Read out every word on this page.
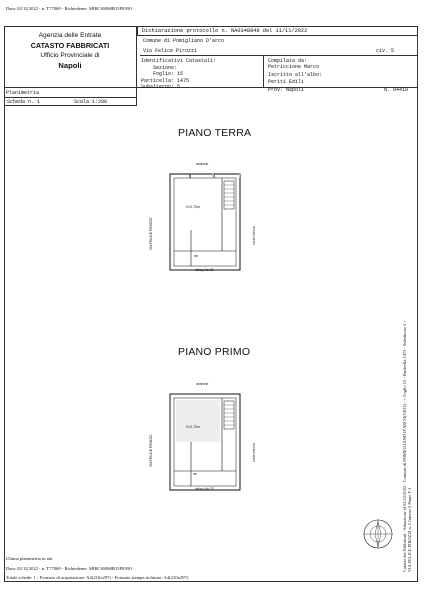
Data: 02/12/2022 - n. T77068 - Richiedente: SBBCSM68B13F839O
Agenzia delle Entrate
CATASTO FABBRICATI
Ufficio Provinciale di
Napoli
Dichiarazione protocollo n. NA0348849 del 11/11/2022
Comune di Pomigliano D'arco
Via Felice Pirozzi	civ. 5
Identificativi Catastali:
Sezione:
Foglio: 15
Particella: 1475
Subalterno: 5
Compilata da:
Petriccione Marco
Iscritto all'albo:
Periti Edili
Prov. Napoli	N. 04410
Planimetria
Scheda n. 1	Scala 1:200
PIANO TERRA
androne
VIA FELICE PIROZZI	corte interna
H=2,70m
wc
altra p.lla 23
PIANO PRIMO
androne
VIA FELICE PIROZZI	corte interna
H=2,70m
wc
altra p.lla 23	Catasto dei Fabbricati - Situazione al 02/12/2022 - Comune di POMIGLIANO D'ARCO(G812) - < Foglio 15 - Particella 1475 - Subalterno 5 > VIA FELICE PIROZZI n. 5 Interno 5 Piano T-1
Ultima planimetria in atti
Data: 02/12/2022 - n. T77068 - Richiedente: SBBCSM68B13F839O
Totale schede: 1 - Formato di acquisizione: A4(210x297) - Formato stampa richiesto: A4(210x297)
